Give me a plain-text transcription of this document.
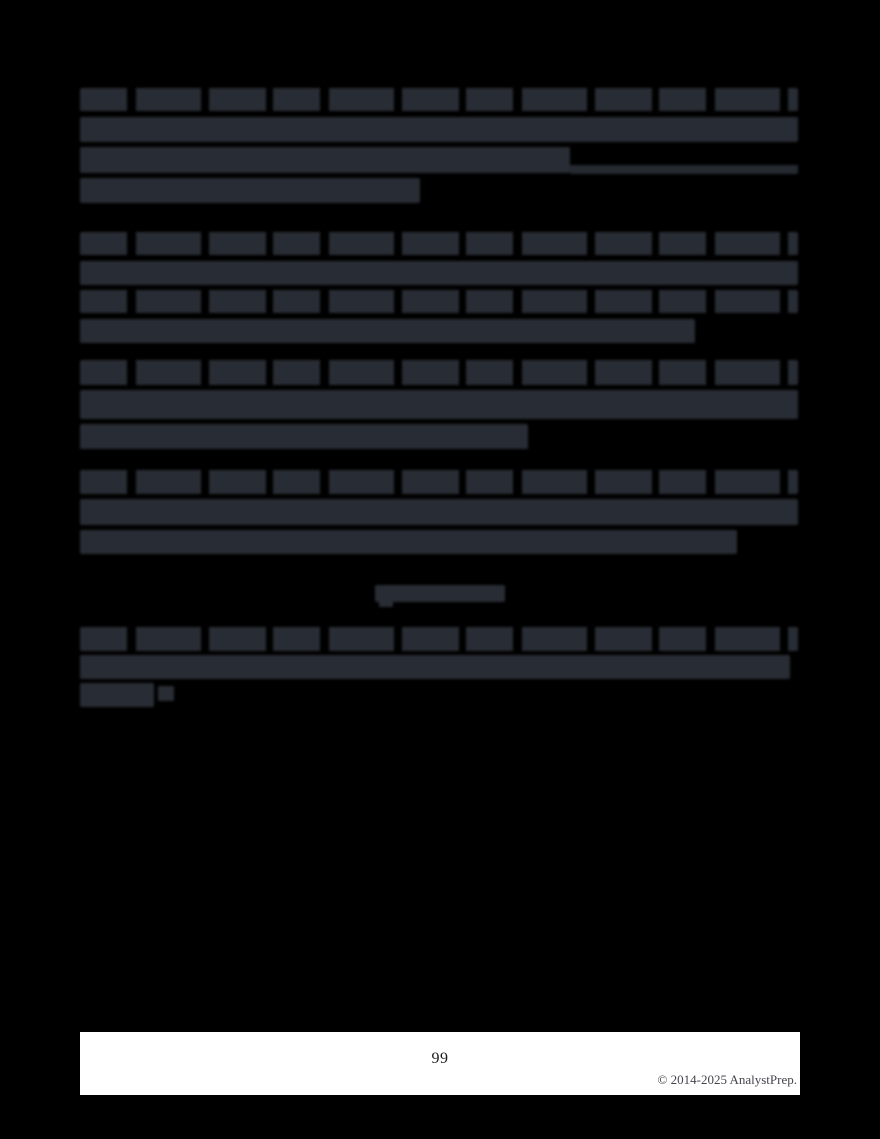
99
© 2014-2025 AnalystPrep.
